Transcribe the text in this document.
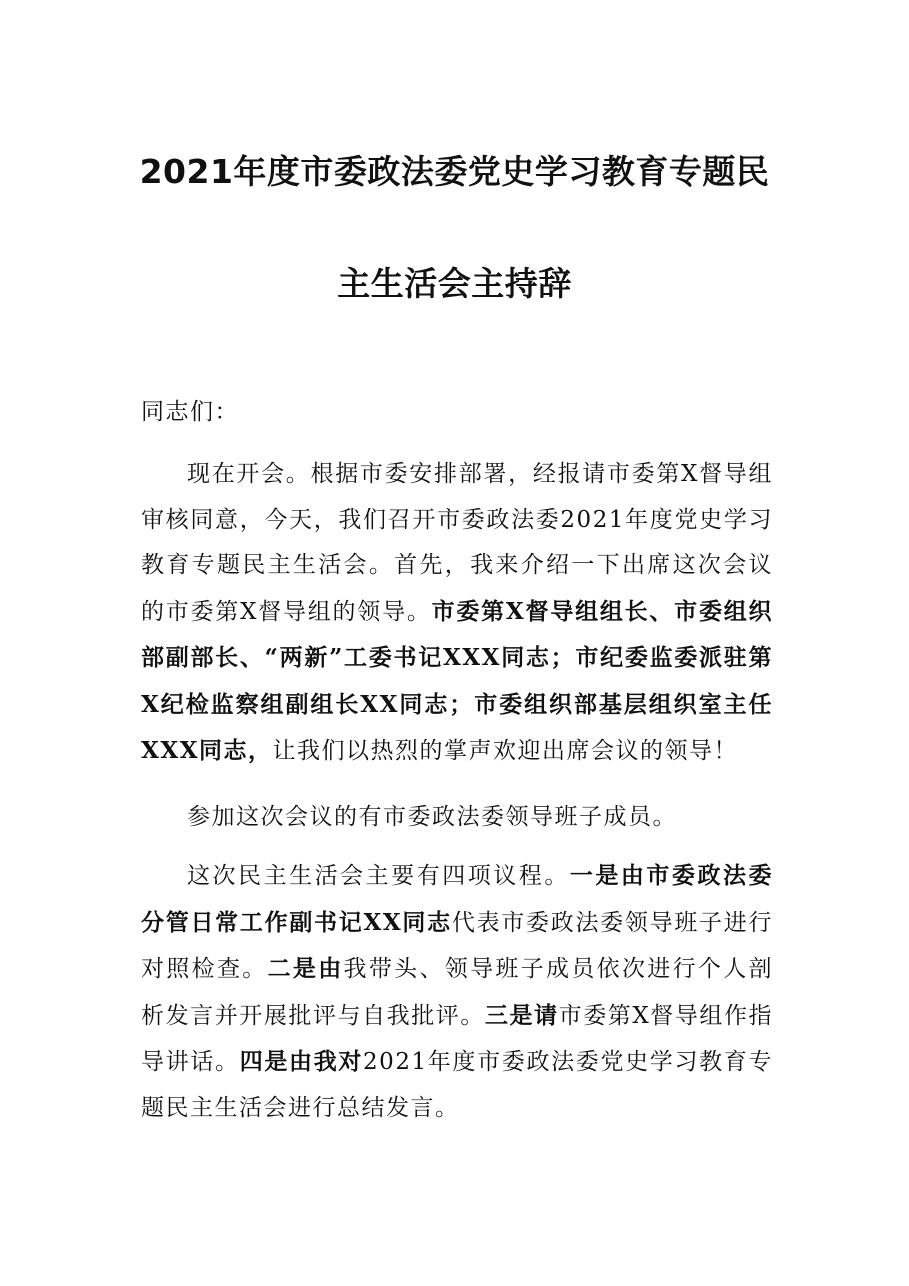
2021年度市委政法委党史学习教育专题民
主生活会主持辞
同志们：
现在开会。根据市委安排部署，经报请市委第X督导组审核同意，今天，我们召开市委政法委2021年度党史学习教育专题民主生活会。首先，我来介绍一下出席这次会议的市委第X督导组的领导。市委第X督导组组长、市委组织部副部长、“两新”工委书记XXX同志；市纪委监委派驻第X纪检监察组副组长XX同志；市委组织部基层组织室主任XXX同志，让我们以热烈的掌声欢迎出席会议的领导！
参加这次会议的有市委政法委领导班子成员。
这次民主生活会主要有四项议程。一是由市委政法委分管日常工作副书记XX同志代表市委政法委领导班子进行对照检查。二是由我带头、领导班子成员依次进行个人剖析发言并开展批评与自我批评。三是请市委第X督导组作指导讲话。四是由我对2021年度市委政法委党史学习教育专题民主生活会进行总结发言。
